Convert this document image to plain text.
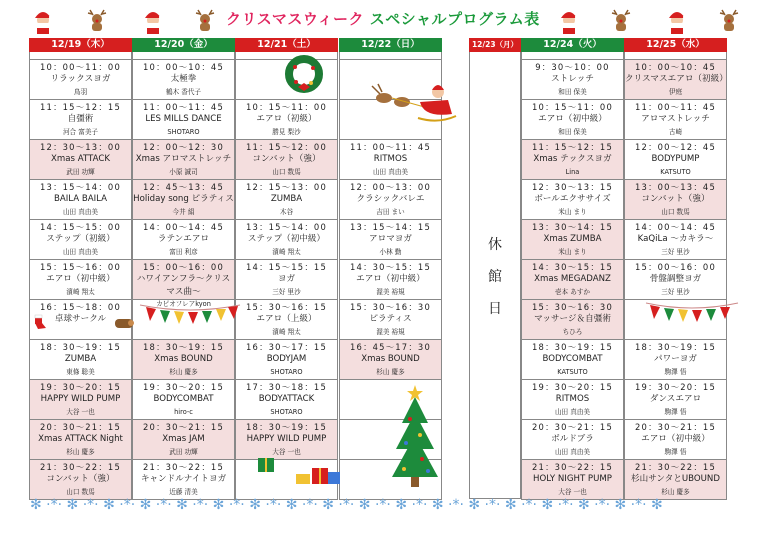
クリスマスウィーク スペシャルプログラム表
12/23（月）
休
館
日
12/19（木）
10：00〜11：00
リラックスヨガ
鳥羽
11：15〜12：15
自彊術
河合 富美子
12：30〜13：00
Xmas ATTACK
武田 功輝
13：15〜14：00
BAILA BAILA
山田 真由美
14：15〜15：00
ステップ（初級）
山田 真由美
15：15〜16：00
エアロ（初中級）
濱崎 翔太
16：15〜18：00
卓球サークル
18：30〜19：15
ZUMBA
東條 聡美
19：30〜20：15
HAPPY WILD PUMP
大谷 一也
20：30〜21：15
Xmas ATTACK Night
杉山 慶多
21：30〜22：15
コンバット（強）
山口 数馬
12/20（金）
10：00〜10：45
太極拳
鶴木 香代子
11：00〜11：45
LES MILLS DANCE
SHOTARO
12：00〜12：30
Xmas アロマストレッチ
小原 誠司
12：45〜13：45
Holiday song ピラティス
今井 絹
14：00〜14：45
ラテンエアロ
富田 利彦
15：00〜16：00
ハワイアンフラ〜クリスマス曲〜
カピオフレアkyon
18：30〜19：15
Xmas BOUND
杉山 慶多
19：30〜20：15
BODYCOMBAT
hiro-c
20：30〜21：15
Xmas JAM
武田 功輝
21：30〜22：15
キャンドルナイトヨガ
近藤 清美
12/21（土）
10：15〜11：00
エアロ（初級）
勝見 梨沙
11：15〜12：00
コンバット（強）
山口 数馬
12：15〜13：00
ZUMBA
木谷
13：15〜14：00
ステップ（初中級）
濱崎 翔太
14：15〜15：15
ヨガ
三好 里沙
15：30〜16：15
エアロ（上級）
濱崎 翔太
16：30〜17：15
BODYJAM
SHOTARO
17：30〜18：15
BODYATTACK
SHOTARO
18：30〜19：15
HAPPY WILD PUMP
大谷 一也
12/22（日）
11：00〜11：45
RITMOS
山田 真由美
12：00〜13：00
クラシックバレエ
吉田 まい
13：15〜14：15
アロマヨガ
小林 勤
14：30〜15：15
エアロ（初中級）
渥美 裕規
15：30〜16：30
ピラティス
渥美 裕規
16：45〜17：30
Xmas BOUND
杉山 慶多
12/24（火）
9：30〜10：00
ストレッチ
和田 保美
10：15〜11：00
エアロ（初中級）
和田 保美
11：15〜12：15
Xmas テックスヨガ
Lina
12：30〜13：15
ボールエクササイズ
米山 まり
13：30〜14：15
Xmas ZUMBA
米山 まり
14：30〜15：15
Xmas MEGADANZ
壱本 あすか
15：30〜16：30
マッサージ＆自彊術
ちひろ
18：30〜19：15
BODYCOMBAT
KATSUTO
19：30〜20：15
RITMOS
山田 真由美
20：30〜21：15
ボルドブラ
山田 真由美
21：30〜22：15
HOLY NIGHT PUMP
大谷 一也
12/25（水）
10：00〜10：45
クリスマスエアロ（初級）
伊庭
11：00〜11：45
アロマストレッチ
古崎
12：00〜12：45
BODYPUMP
KATSUTO
13：00〜13：45
コンバット（強）
山口 数馬
14：00〜14：45
KaQiLa 〜カキラ〜
三好 里沙
15：00〜16：00
骨盤調整ヨガ
三好 里沙
18：30〜19：15
パワーヨガ
駒澤 悟
19：30〜20：15
ダンスエアロ
駒澤 悟
20：30〜21：15
エアロ（初中級）
駒澤 悟
21：30〜22：15
杉山サンタとUBOUND
杉山 慶多
✻ ·*· ✻ ·*· ✻ ·*· ✻ ·*· ✻ ·*· ✻ ·*· ✻ ·*· ✻ ·*· ✻ ·*· ✻ ·*· ✻ ·*· ✻ ·*· ✻ ·*· ✻ ·*· ✻ ·*· ✻ ·*· ✻ ·*· ✻
